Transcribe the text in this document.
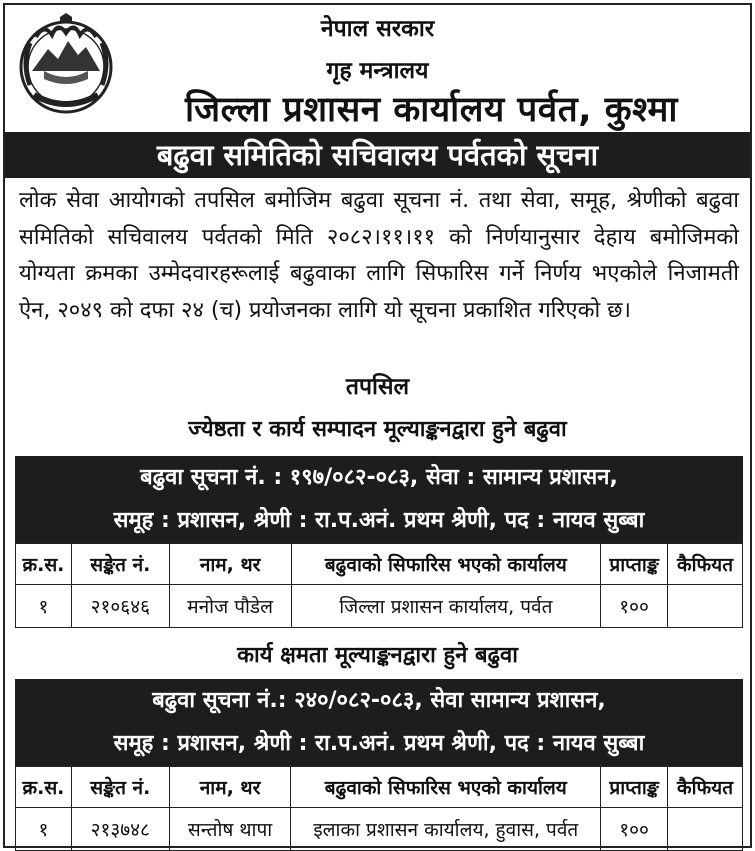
नेपाल सरकार
गृह मन्त्रालय
जिल्ला प्रशासन कार्यालय पर्वत, कुश्मा
बढुवा समितिको सचिवालय पर्वतको सूचना
लोक सेवा आयोगको तपसिल बमोजिम बढुवा सूचना नं. तथा सेवा, समूह, श्रेणीको बढुवा समितिको सचिवालय पर्वतको मिति २०८२।११।११ को निर्णयानुसार देहाय बमोजिमको योग्यता क्रमका उम्मेदवारहरूलाई बढुवाका लागि सिफारिस गर्ने निर्णय भएकोले निजामती ऐन, २०४९ को दफा २४ (च) प्रयोजनका लागि यो सूचना प्रकाशित गरिएको छ।
तपसिल
ज्येष्ठता र कार्य सम्पादन मूल्याङ्कनद्वारा हुने बढुवा
बढुवा सूचना नं. : १९७/०८२-०८३, सेवा : सामान्य प्रशासन,
समूह : प्रशासन, श्रेणी : रा.प.अनं. प्रथम श्रेणी, पद : नायव सुब्बा
क्र.स.	सङ्केत नं.	नाम, थर	बढुवाको सिफारिस भएको कार्यालय	प्राप्ताङ्क	कैफियत
१	२१०६४६	मनोज पौडेल	जिल्ला प्रशासन कार्यालय, पर्वत	१००	
कार्य क्षमता मूल्याङ्कनद्वारा हुने बढुवा
बढुवा सूचना नं.: २४०/०८२-०८३, सेवा सामान्य प्रशासन,
समूह : प्रशासन, श्रेणी : रा.प.अनं. प्रथम श्रेणी, पद : नायव सुब्बा
क्र.स.	सङ्केत नं.	नाम, थर	बढुवाको सिफारिस भएको कार्यालय	प्राप्ताङ्क	कैफियत
१	२१३७४८	सन्तोष थापा	इलाका प्रशासन कार्यालय, हुवास, पर्वत	१००	
